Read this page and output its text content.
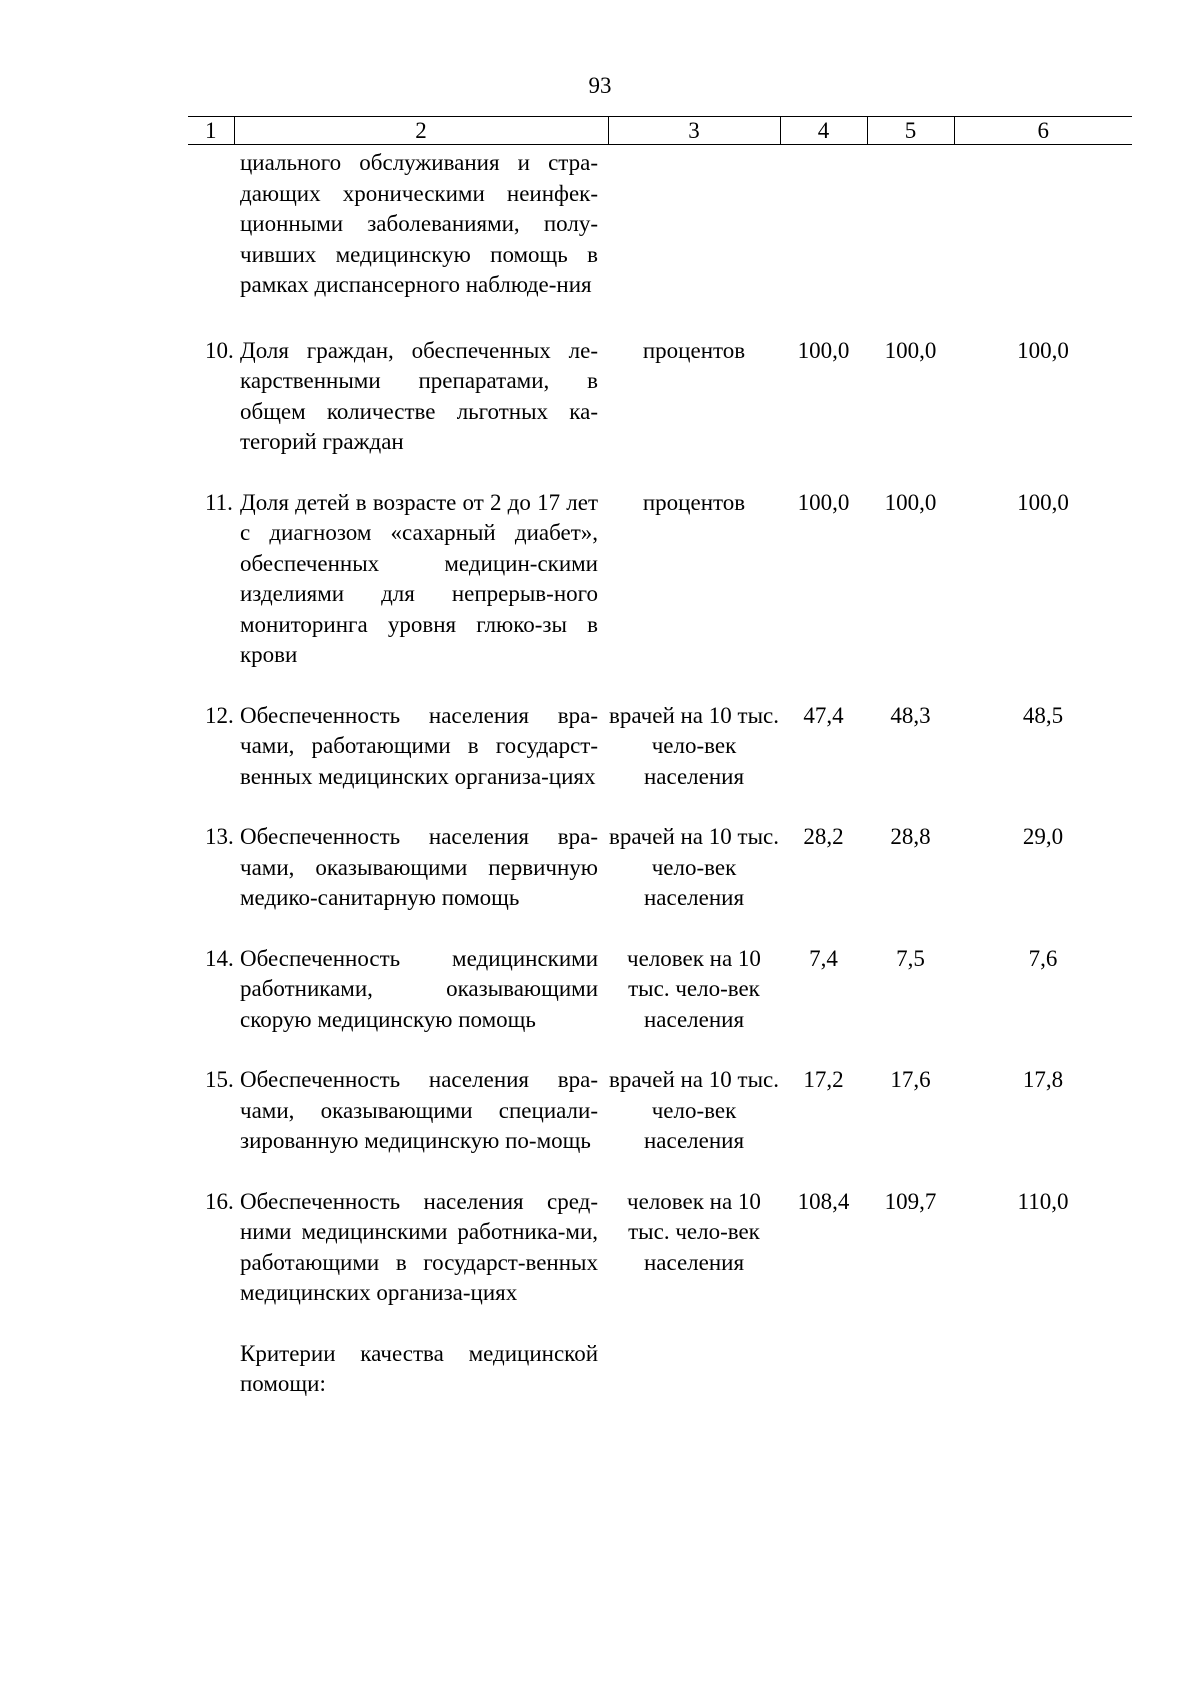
93
1	2	3	4	5	6
	циального обслуживания и стра-дающих хроническими неинфек-ционными заболеваниями, полу-чивших медицинскую помощь в рамках диспансерного наблюде-ния				

10.	Доля граждан, обеспеченных ле-карственными препаратами, в общем количестве льготных ка-тегорий граждан	процентов	100,0	100,0	100,0

11.	Доля детей в возрасте от 2 до 17 лет с диагнозом «сахарный диабет», обеспеченных медицин-скими изделиями для непрерыв-ного мониторинга уровня глюко-зы в крови	процентов	100,0	100,0	100,0

12.	Обеспеченность населения вра-чами, работающими в государст-венных медицинских организа-циях	врачей на 10 тыс. чело-век населения	47,4	48,3	48,5

13.	Обеспеченность населения вра-чами, оказывающими первичную медико-санитарную помощь	врачей на 10 тыс. чело-век населения	28,2	28,8	29,0

14.	Обеспеченность медицинскими работниками, оказывающими скорую медицинскую помощь	человек на 10 тыс. чело-век населения	7,4	7,5	7,6

15.	Обеспеченность населения вра-чами, оказывающими специали-зированную медицинскую по-мощь	врачей на 10 тыс. чело-век населения	17,2	17,6	17,8

16.	Обеспеченность населения сред-ними медицинскими работника-ми, работающими в государст-венных медицинских организа-циях	человек на 10 тыс. чело-век населения	108,4	109,7	110,0

	Критерии качества медицинской помощи:				
